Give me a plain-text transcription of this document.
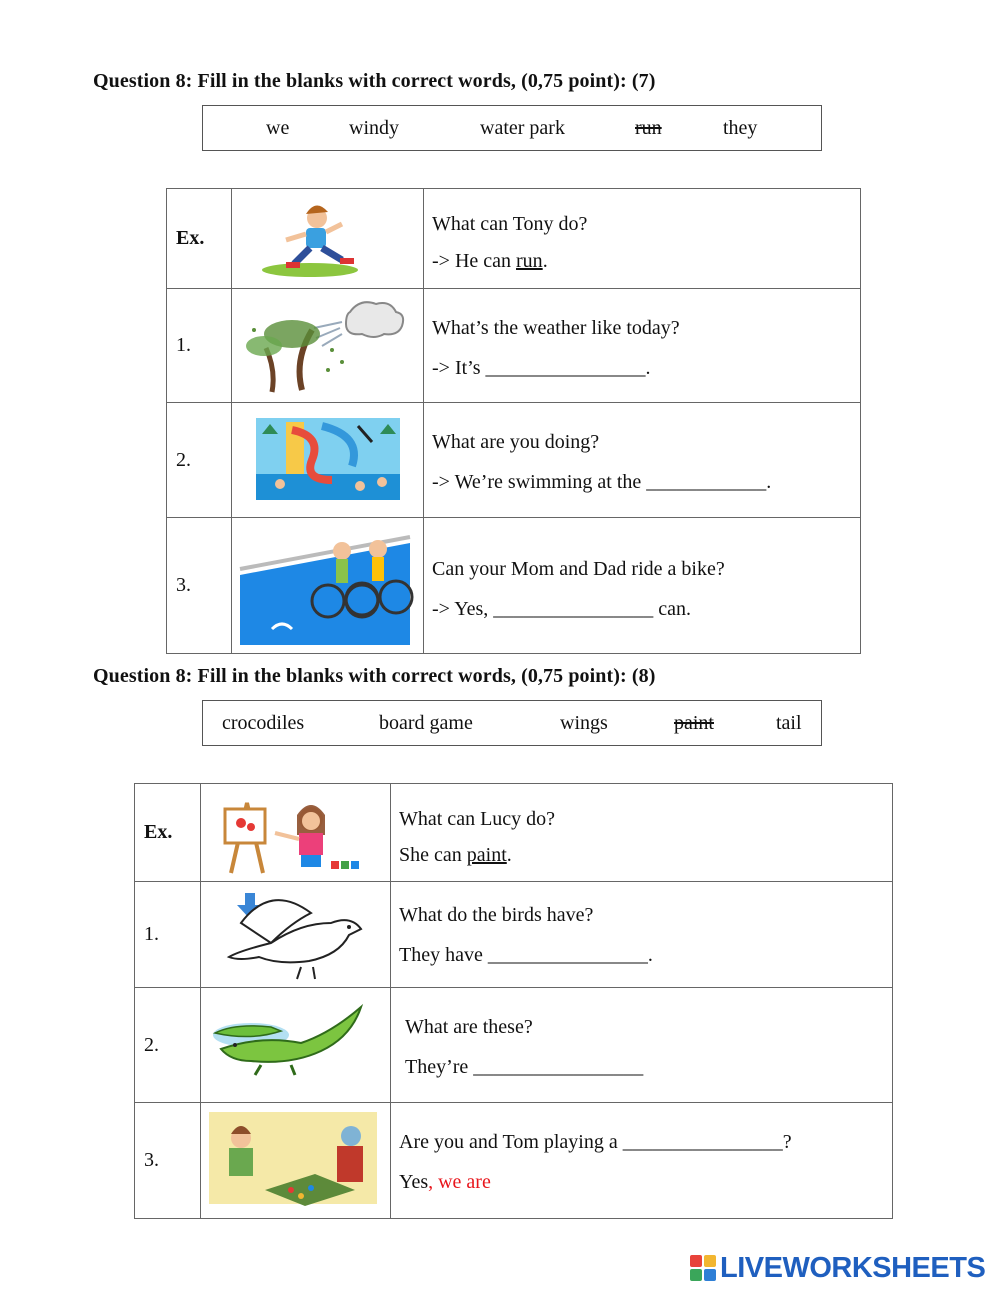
Question 8: Fill in the blanks with correct words, (0,75 point): (7)
we	windy	water park	run	they
Ex.		What can Tony do?
-> He can run.

1.		What’s the weather like today?
-> It’s ________________.

2.		What are you doing?
-> We’re swimming at the ____________.

3.		Can your Mom and Dad ride a bike?
-> Yes, ________________ can.
Question 8: Fill in the blanks with correct words, (0,75 point): (8)
crocodiles	board game	wings	paint	tail
Ex.		What can Lucy do?
She can paint.

1.		What do the birds have?
They have ________________.

2.		What are these?
They’re _________________

3.		Are you and Tom playing a ________________?
Yes, we are
LIVEWORKSHEETS
